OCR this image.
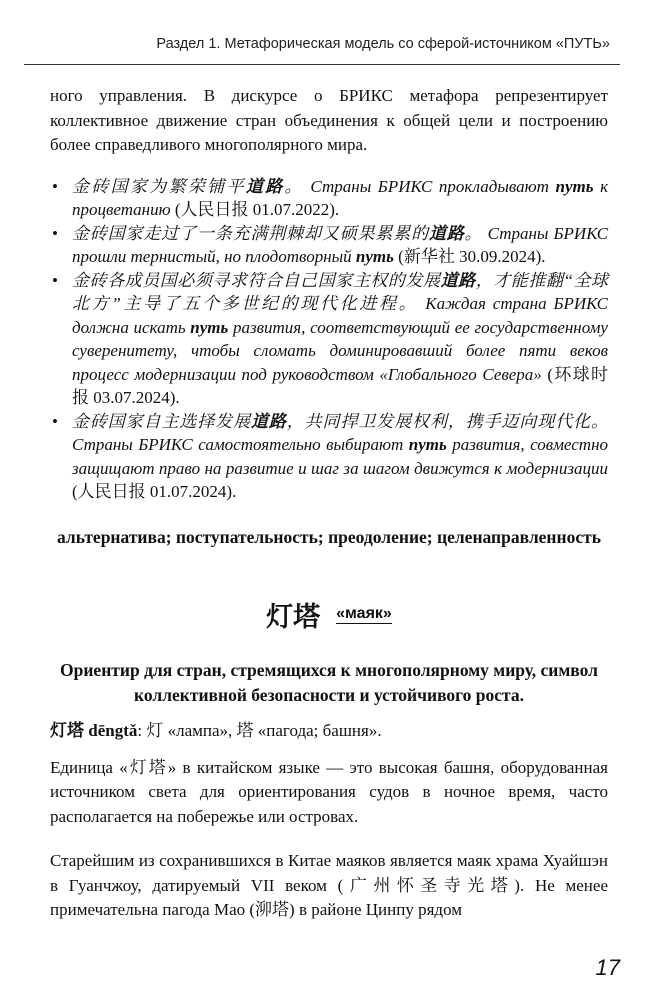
Раздел 1. Метафорическая модель со сферой-источником «ПУТЬ»

ного управления. В дискурсе о БРИКС метафора репрезентирует коллективное движение стран объединения к общей цели и построению более справедливого многополярного мира.

• 金砖国家为繁荣铺平道路。 Страны БРИКС прокладывают путь к процветанию (人民日报 01.07.2022).
• 金砖国家走过了一条充满荆棘却又硕果累累的道路。 Страны БРИКС прошли тернистый, но плодотворный путь (新华社 30.09.2024).
• 金砖各成员国必须寻求符合自己国家主权的发展道路，才能推翻“全球北方”主导了五个多世纪的现代化进程。 Каждая страна БРИКС должна искать путь развития, соответствующий ее государственному суверенитету, чтобы сломать доминировавший более пяти веков процесс модернизации под руководством «Глобального Севера» (环球时报 03.07.2024).
• 金砖国家自主选择发展道路，共同捍卫发展权利，携手迈向现代化。 Страны БРИКС самостоятельно выбирают путь развития, совместно защищают право на развитие и шаг за шагом движутся к модернизации (人民日报 01.07.2024).

альтернатива; поступательность; преодоление; целенаправленность

灯塔 «маяк»

Ориентир для стран, стремящихся к многополярному миру, символ коллективной безопасности и устойчивого роста.

灯塔 dēngtǎ: 灯 «лампа», 塔 «пагода; башня».

Единица «灯塔» в китайском языке — это высокая башня, оборудованная источником света для ориентирования судов в ночное время, часто располагается на побережье или островах.

Старейшим из сохранившихся в Китае маяков является маяк храма Хуайшэн в Гуанчжоу, датируемый VII веком (广州怀圣寺光塔). Не менее примечательна пагода Мао (泖塔) в районе Цинпу рядом

17
